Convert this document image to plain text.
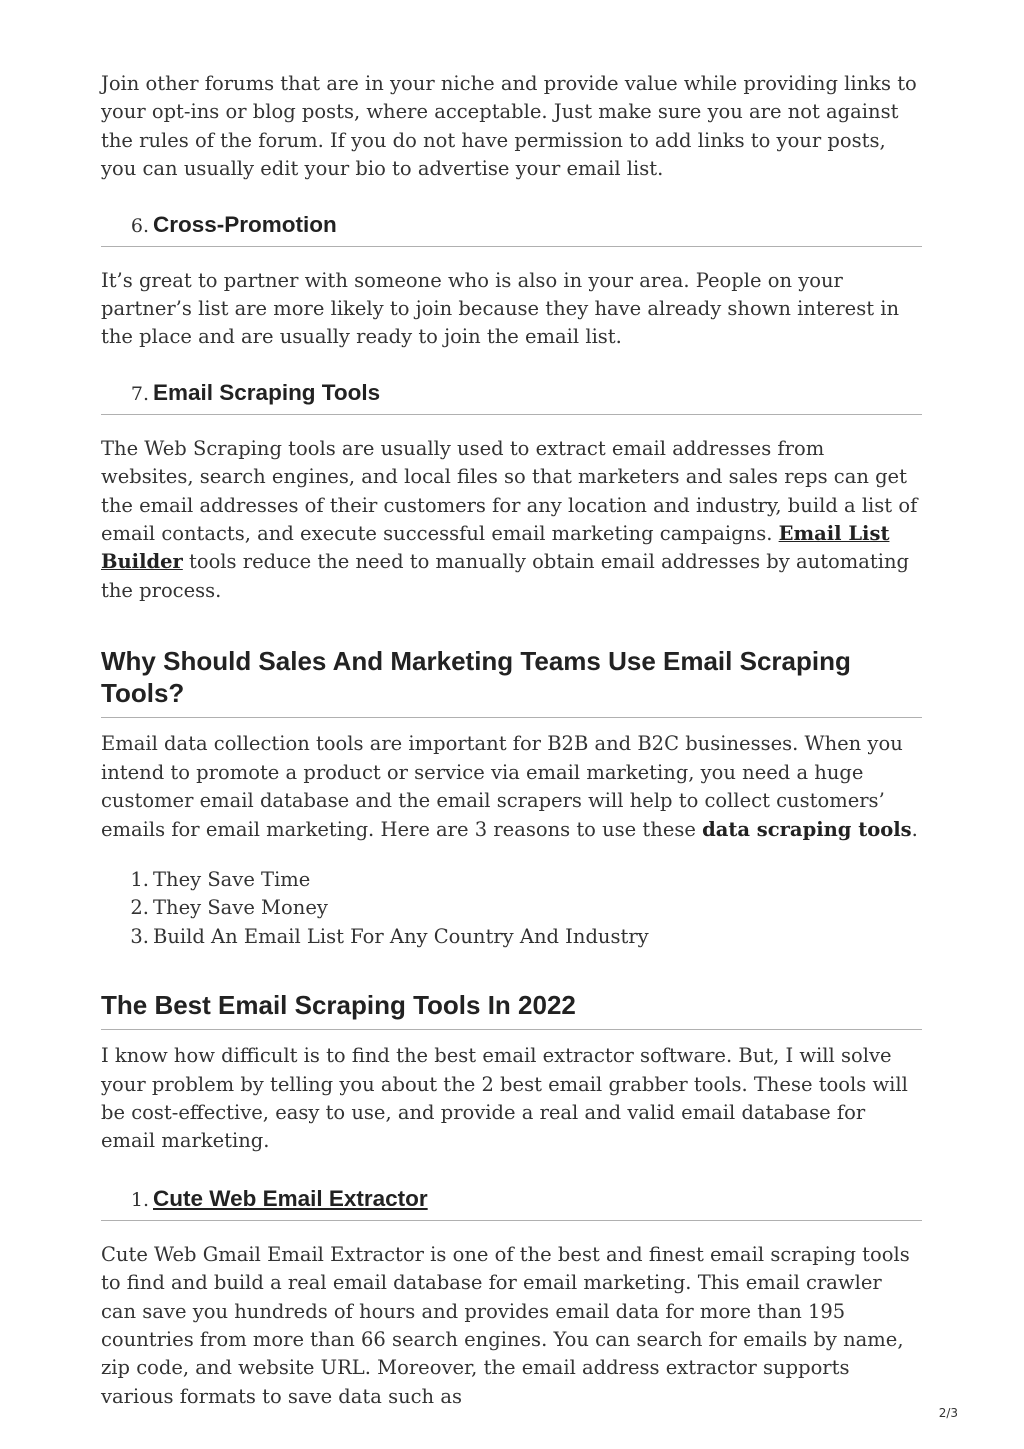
Join other forums that are in your niche and provide value while providing links to your opt-ins or blog posts, where acceptable. Just make sure you are not against the rules of the forum. If you do not have permission to add links to your posts, you can usually edit your bio to advertise your email list.

6. Cross-Promotion

It’s great to partner with someone who is also in your area. People on your partner’s list are more likely to join because they have already shown interest in the place and are usually ready to join the email list.

7. Email Scraping Tools

The Web Scraping tools are usually used to extract email addresses from websites, search engines, and local files so that marketers and sales reps can get the email addresses of their customers for any location and industry, build a list of email contacts, and execute successful email marketing campaigns. Email List Builder tools reduce the need to manually obtain email addresses by automating the process.

Why Should Sales And Marketing Teams Use Email Scraping Tools?

Email data collection tools are important for B2B and B2C businesses. When you intend to promote a product or service via email marketing, you need a huge customer email database and the email scrapers will help to collect customers’ emails for email marketing. Here are 3 reasons to use these data scraping tools.

1. They Save Time
2. They Save Money
3. Build An Email List For Any Country And Industry
The Best Email Scraping Tools In 2022

I know how difficult is to find the best email extractor software. But, I will solve your problem by telling you about the 2 best email grabber tools. These tools will be cost-effective, easy to use, and provide a real and valid email database for email marketing.

1. Cute Web Email Extractor

Cute Web Gmail Email Extractor is one of the best and finest email scraping tools to find and build a real email database for email marketing. This email crawler can save you hundreds of hours and provides email data for more than 195 countries from more than 66 search engines. You can search for emails by name, zip code, and website URL. Moreover, the email address extractor supports various formats to save data such as

2/3
